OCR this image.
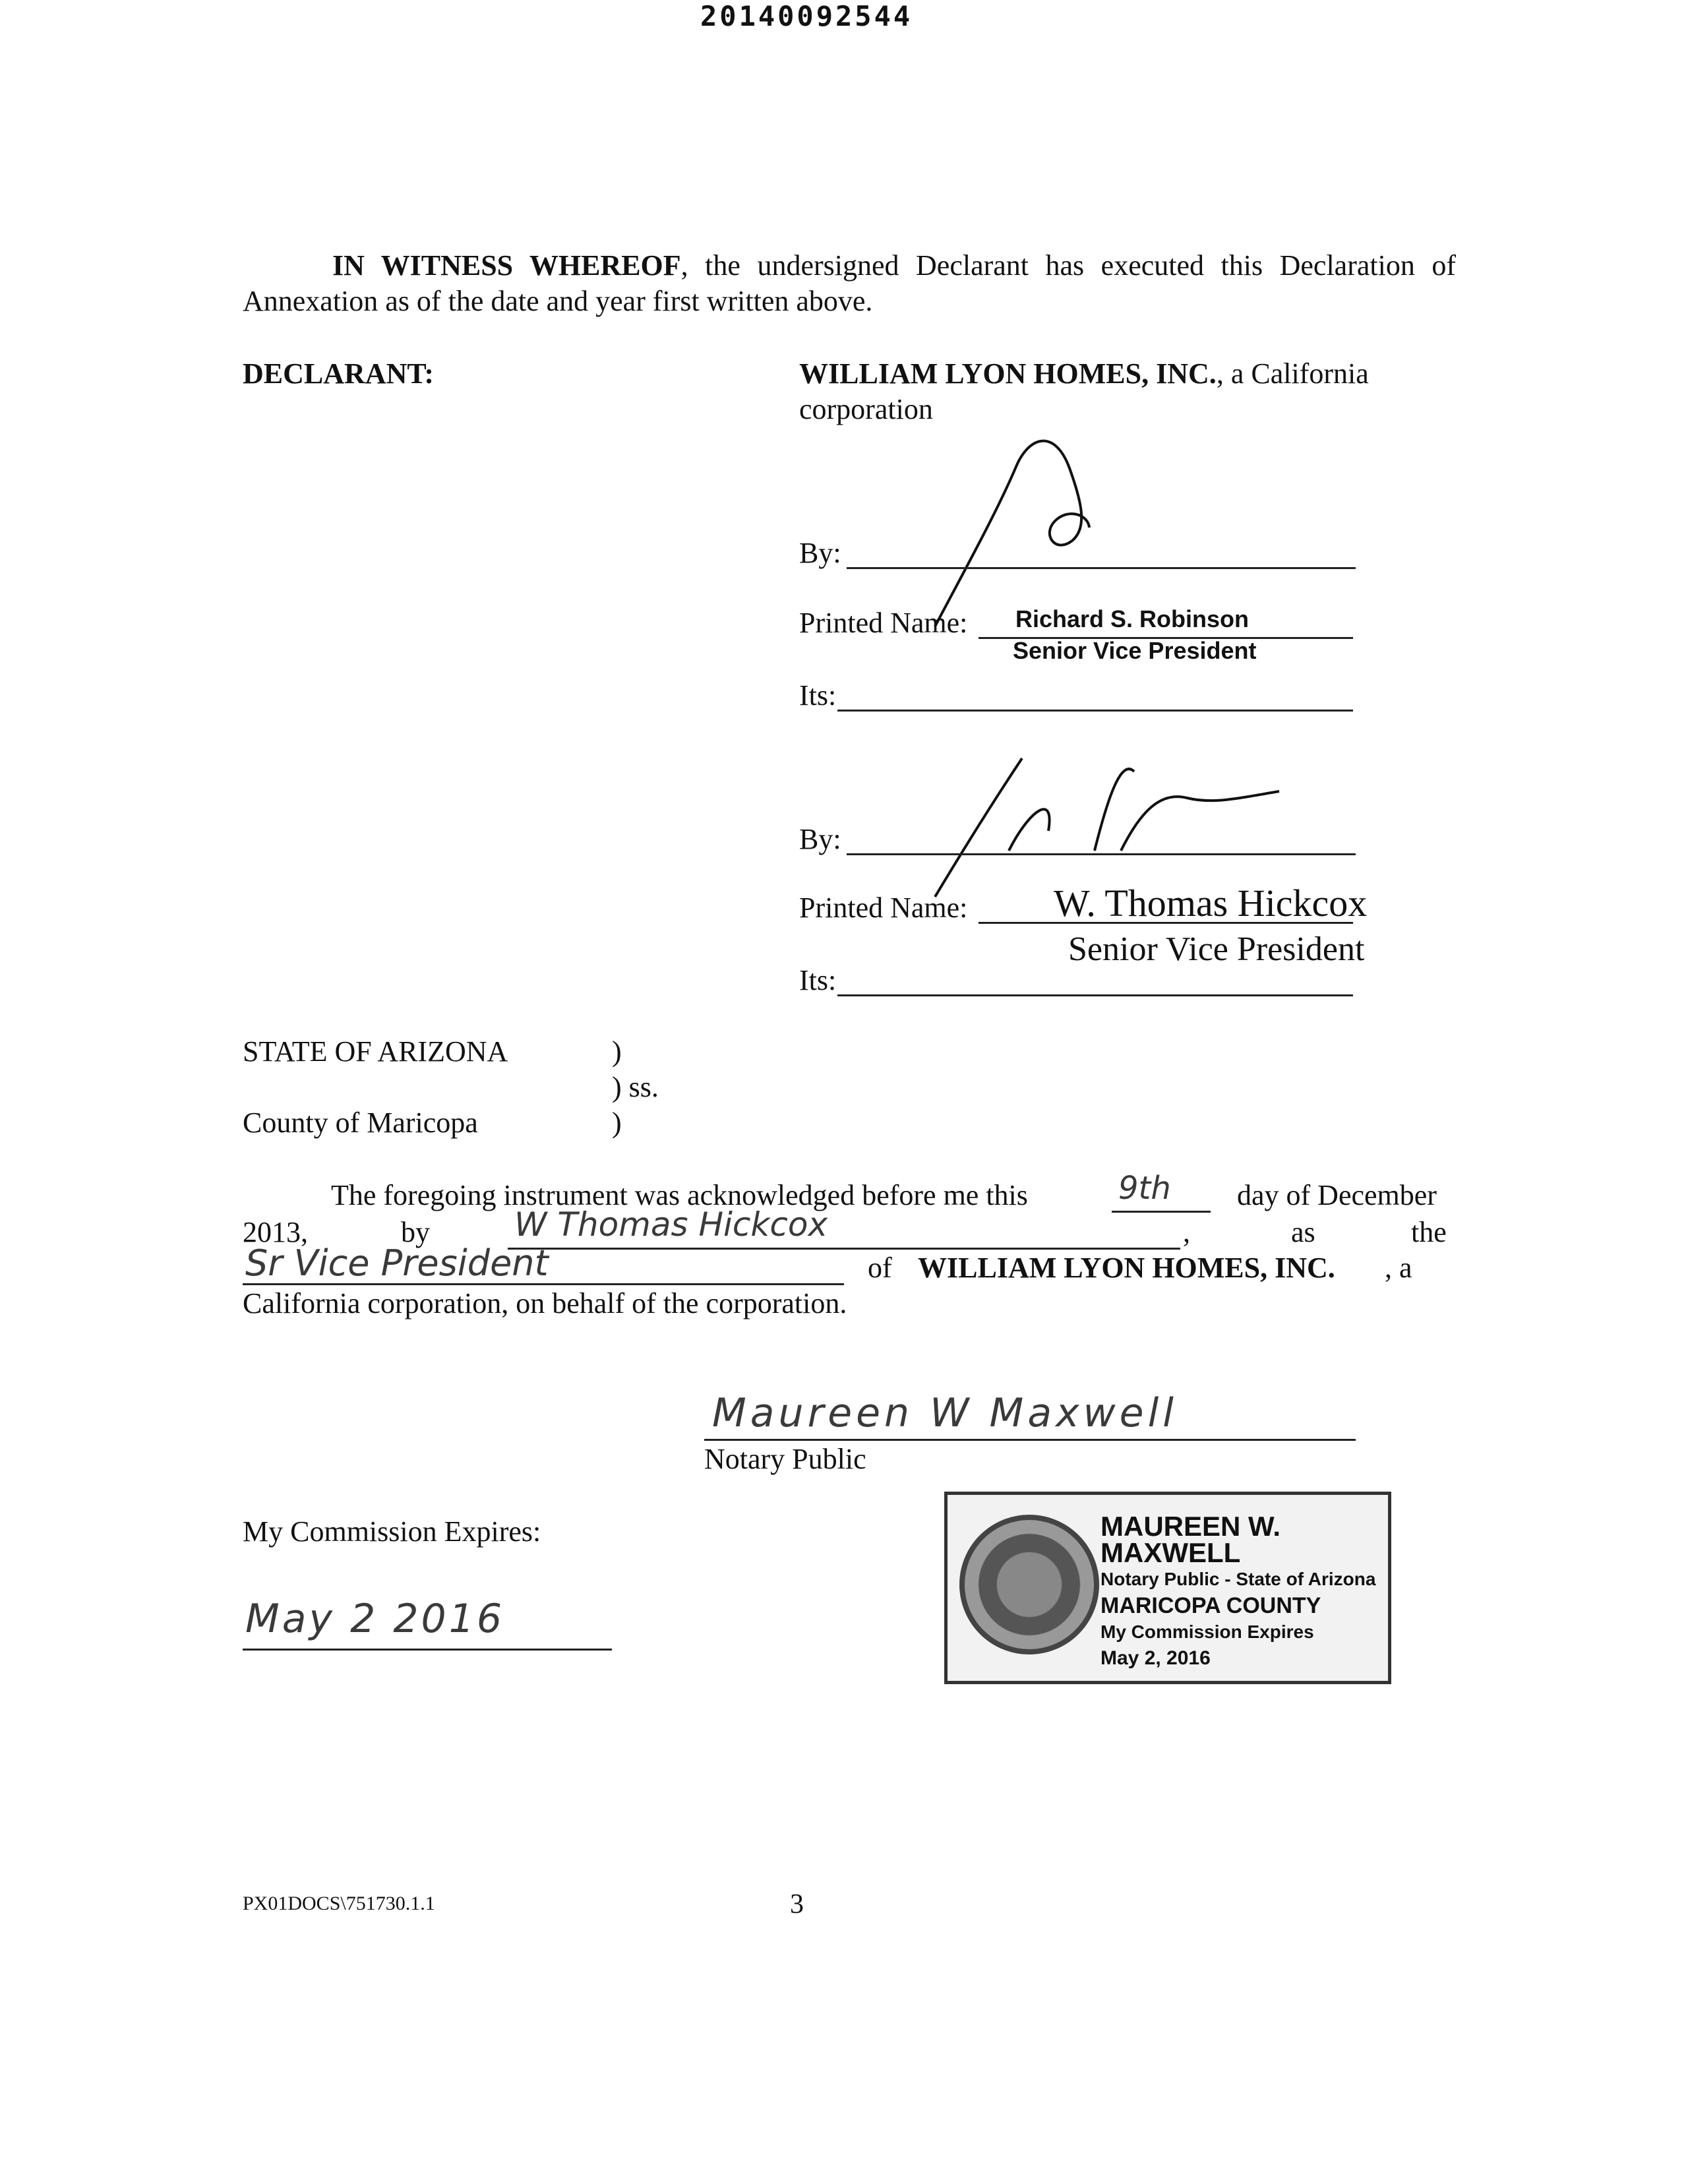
20140092544
IN WITNESS WHEREOF, the undersigned Declarant has executed this Declaration of Annexation as of the date and year first written above.
DECLARANT:	WILLIAM LYON HOMES, INC., a California
corporation
By:
Printed Name: Richard S. Robinson
Senior Vice President
Its:
By:
Printed Name: W. Thomas Hickcox
Senior Vice President
Its:
STATE OF ARIZONA	)
) ss.
County of Maricopa	)
The foregoing instrument was acknowledged before me this	9th day of December
2013,	by	W Thomas Hickcox	,	as	the
Sr Vice President	of WILLIAM LYON HOMES, INC. , a
California corporation, on behalf of the corporation.
Maureen W Maxwell
Notary Public
My Commission Expires:
May 2 2016
MAUREEN W. MAXWELL
Notary Public - State of Arizona
MARICOPA COUNTY
My Commission Expires
May 2, 2016
PX01DOCS\751730.1.1	3
